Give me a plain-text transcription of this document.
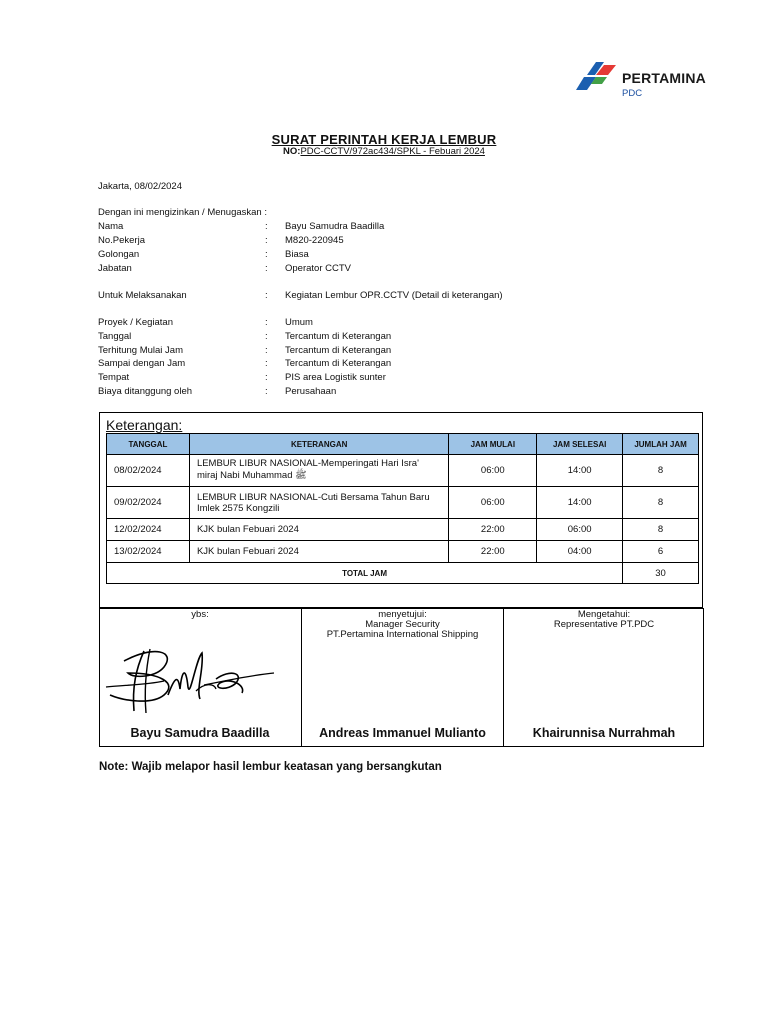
PERTAMINA
PDC
SURAT PERINTAH KERJA LEMBUR
NO:PDC-CCTV/972ac434/SPKL - Febuari 2024
Jakarta, 08/02/2024
Dengan ini mengizinkan / Menugaskan :
Nama	: Bayu Samudra Baadilla
No.Pekerja	: M820-220945
Golongan	: Biasa
Jabatan	: Operator CCTV
Untuk Melaksanakan	: Kegiatan Lembur OPR.CCTV (Detail di keterangan)
Proyek / Kegiatan	: Umum
Tanggal	: Tercantum di Keterangan
Terhitung Mulai Jam	: Tercantum di Keterangan
Sampai dengan Jam	: Tercantum di Keterangan
Tempat	: PIS area Logistik sunter
Biaya ditanggung oleh	: Perusahaan
Keterangan:
TANGGAL	KETERANGAN	JAM MULAI	JAM SELESAI	JUMLAH JAM
08/02/2024	LEMBUR LIBUR NASIONAL-Memperingati Hari Isra' miraj Nabi Muhammad ﷺ	06:00	14:00	8
09/02/2024	LEMBUR LIBUR NASIONAL-Cuti Bersama Tahun Baru Imlek 2575 Kongzili	06:00	14:00	8
12/02/2024	KJK bulan Febuari 2024	22:00	06:00	8
13/02/2024	KJK bulan Febuari 2024	22:00	04:00	6
TOTAL JAM				30
ybs:
Bayu Samudra Baadilla
menyetujui:
Manager Security
PT.Pertamina International Shipping
Andreas Immanuel Mulianto
Mengetahui:
Representative PT.PDC
Khairunnisa Nurrahmah
Note: Wajib melapor hasil lembur keatasan yang bersangkutan
